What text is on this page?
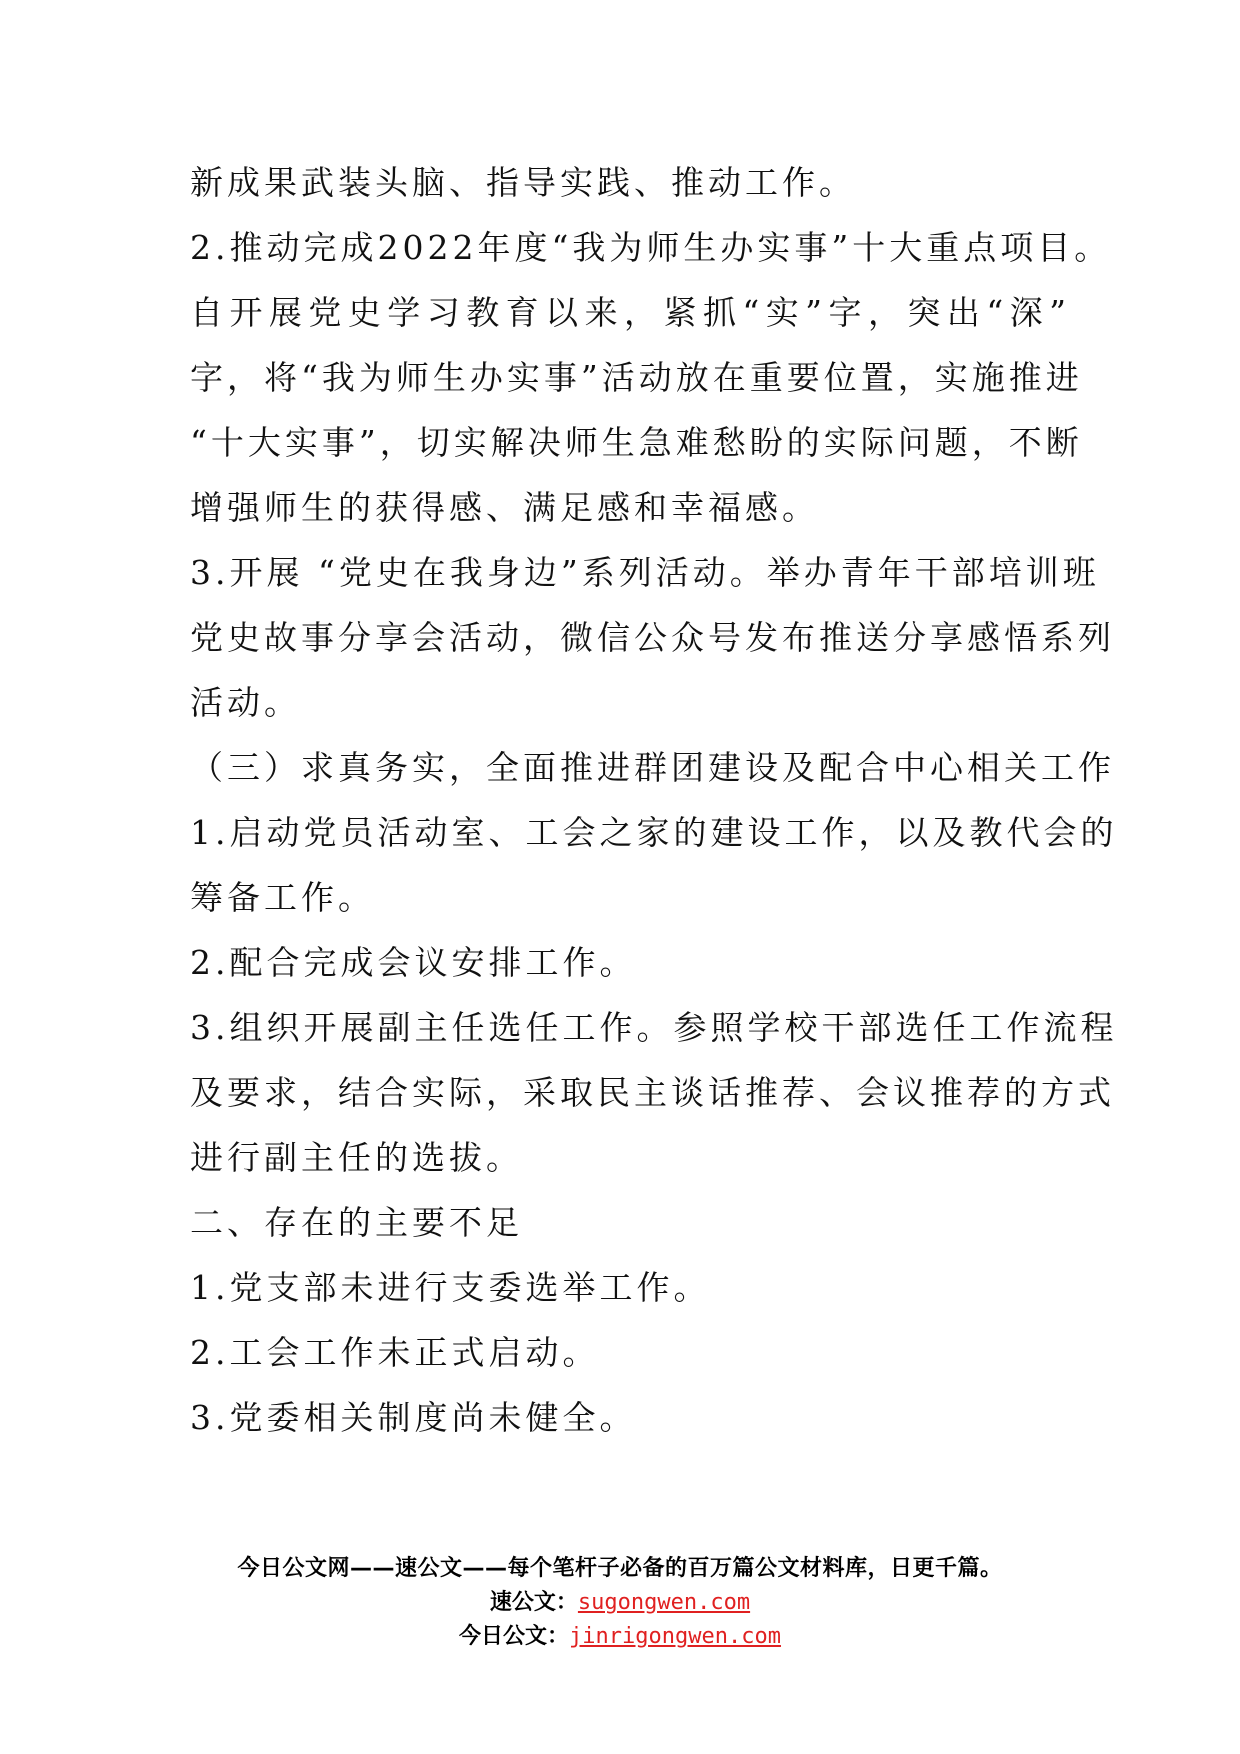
新成果武装头脑、指导实践、推动工作。
2.推动完成2022年度“我为师生办实事”十大重点项目。
自开展党史学习教育以来，紧抓“实”字，突出“深”
字，将“我为师生办实事”活动放在重要位置，实施推进
“十大实事”，切实解决师生急难愁盼的实际问题，不断
增强师生的获得感、满足感和幸福感。
3.开展 “党史在我身边”系列活动。举办青年干部培训班
党史故事分享会活动，微信公众号发布推送分享感悟系列
活动。
（三）求真务实，全面推进群团建设及配合中心相关工作
1.启动党员活动室、工会之家的建设工作，以及教代会的
筹备工作。
2.配合完成会议安排工作。
3.组织开展副主任选任工作。参照学校干部选任工作流程
及要求，结合实际，采取民主谈话推荐、会议推荐的方式
进行副主任的选拔。
二、存在的主要不足
1.党支部未进行支委选举工作。
2.工会工作未正式启动。
3.党委相关制度尚未健全。
今日公文网——速公文——每个笔杆子必备的百万篇公文材料库，日更千篇。
速公文：sugongwen.com
今日公文：jinrigongwen.com
